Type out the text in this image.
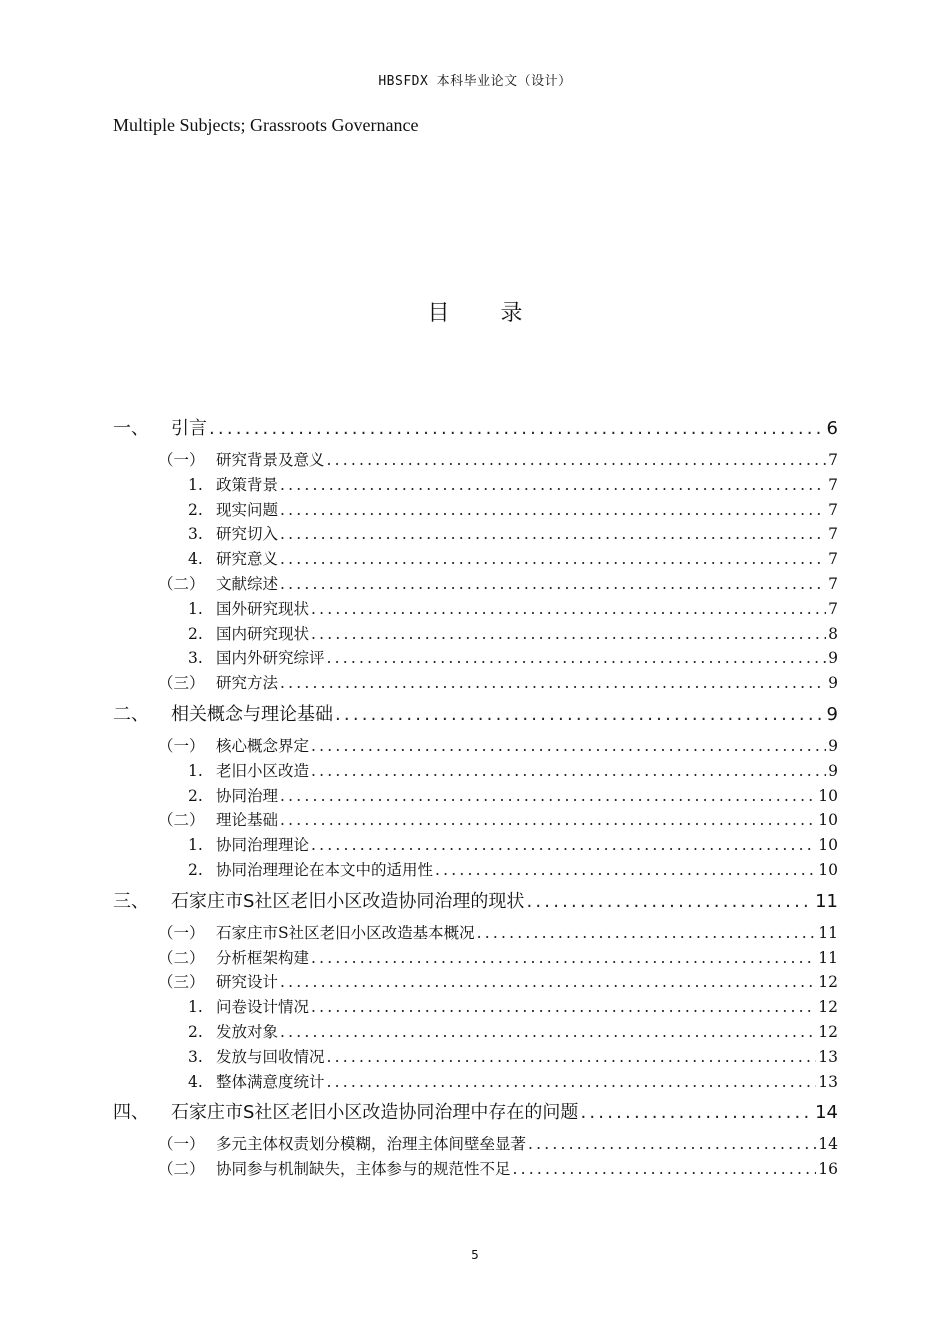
HBSFDX 本科毕业论文（设计）
Multiple Subjects; Grassroots Governance
目 录
一、	引言 .....	6
（一） 研究背景及意义 .....	7
1. 政策背景 .....	7
2. 现实问题 .....	7
3. 研究切入 .....	7
4. 研究意义 .....	7
（二） 文献综述 .....	7
1. 国外研究现状 .....	7
2. 国内研究现状 .....	8
3. 国内外研究综评 .....	9
（三） 研究方法 .....	9
二、	相关概念与理论基础 .....	9
（一） 核心概念界定 .....	9
1. 老旧小区改造 .....	9
2. 协同治理 .....	10
（二） 理论基础 .....	10
1. 协同治理理论 .....	10
2. 协同治理理论在本文中的适用性 .....	10
三、	石家庄市S社区老旧小区改造协同治理的现状 .....	11
（一） 石家庄市S社区老旧小区改造基本概况 .....	11
（二） 分析框架构建 .....	11
（三） 研究设计 .....	12
1. 问卷设计情况 .....	12
2. 发放对象 .....	12
3. 发放与回收情况 .....	13
4. 整体满意度统计 .....	13
四、	石家庄市S社区老旧小区改造协同治理中存在的问题 .....	14
（一） 多元主体权责划分模糊，治理主体间壁垒显著 .....	14
（二） 协同参与机制缺失，主体参与的规范性不足 .....	16
5
